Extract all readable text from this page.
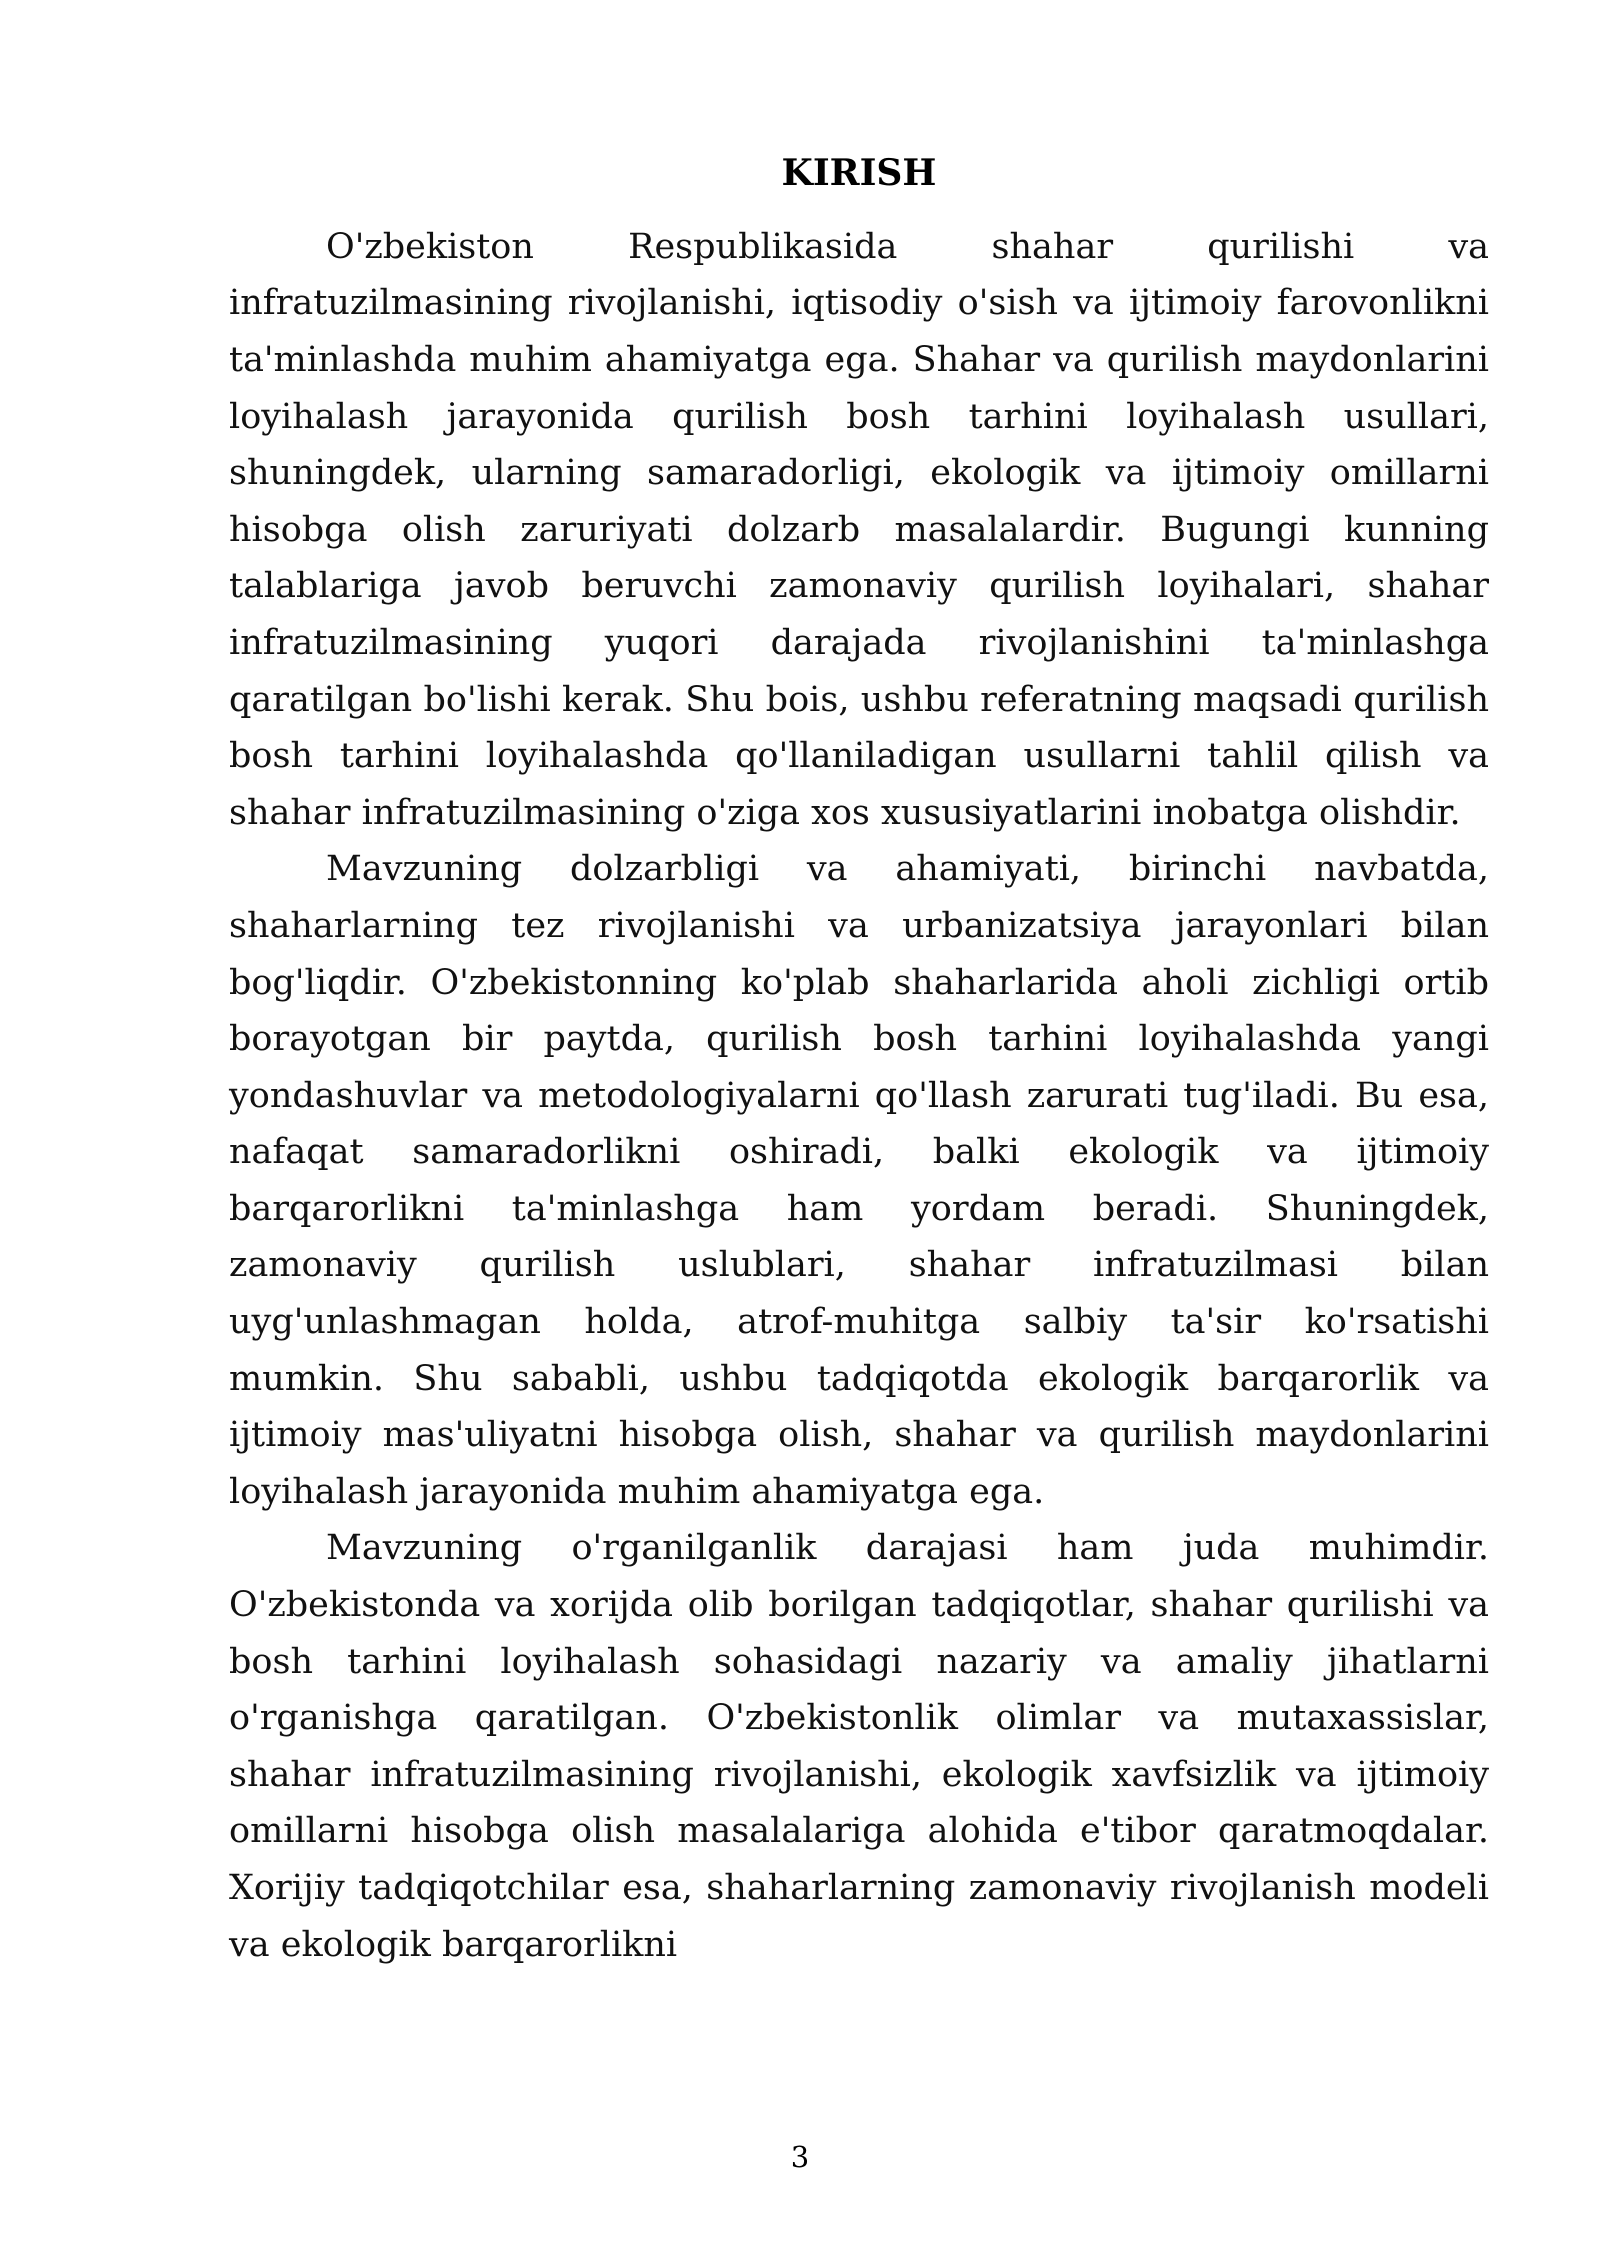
KIRISH

O'zbekiston Respublikasida shahar qurilishi va infratuzilmasining rivojlanishi, iqtisodiy o'sish va ijtimoiy farovonlikni ta'minlashda muhim ahamiyatga ega. Shahar va qurilish maydonlarini loyihalash jarayonida qurilish bosh tarhini loyihalash usullari, shuningdek, ularning samaradorligi, ekologik va ijtimoiy omillarni hisobga olish zaruriyati dolzarb masalalardir. Bugungi kunning talablariga javob beruvchi zamonaviy qurilish loyihalari, shahar infratuzilmasining yuqori darajada rivojlanishini ta'minlashga qaratilgan bo'lishi kerak. Shu bois, ushbu referatning maqsadi qurilish bosh tarhini loyihalashda qo'llaniladigan usullarni tahlil qilish va shahar infratuzilmasining o'ziga xos xususiyatlarini inobatga olishdir.

Mavzuning dolzarbligi va ahamiyati, birinchi navbatda, shaharlarning tez rivojlanishi va urbanizatsiya jarayonlari bilan bog'liqdir. O'zbekistonning ko'plab shaharlarida aholi zichligi ortib borayotgan bir paytda, qurilish bosh tarhini loyihalashda yangi yondashuvlar va metodologiyalarni qo'llash zarurati tug'iladi. Bu esa, nafaqat samaradorlikni oshiradi, balki ekologik va ijtimoiy barqarorlikni ta'minlashga ham yordam beradi. Shuningdek, zamonaviy qurilish uslublari, shahar infratuzilmasi bilan uyg'unlashmagan holda, atrof-muhitga salbiy ta'sir ko'rsatishi mumkin. Shu sababli, ushbu tadqiqotda ekologik barqarorlik va ijtimoiy mas'uliyatni hisobga olish, shahar va qurilish maydonlarini loyihalash jarayonida muhim ahamiyatga ega.

Mavzuning o'rganilganlik darajasi ham juda muhimdir. O'zbekistonda va xorijda olib borilgan tadqiqotlar, shahar qurilishi va bosh tarhini loyihalash sohasidagi nazariy va amaliy jihatlarni o'rganishga qaratilgan. O'zbekistonlik olimlar va mutaxassislar, shahar infratuzilmasining rivojlanishi, ekologik xavfsizlik va ijtimoiy omillarni hisobga olish masalalariga alohida e'tibor qaratmoqdalar. Xorijiy tadqiqotchilar esa, shaharlarning zamonaviy rivojlanish modeli va ekologik barqarorlikni

3
